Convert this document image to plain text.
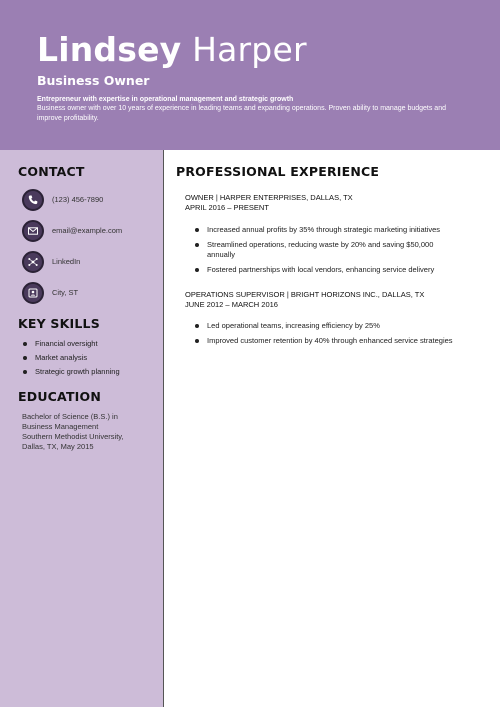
Lindsey Harper
Business Owner
Entrepreneur with expertise in operational management and strategic growth
Business owner with over 10 years of experience in leading teams and expanding operations. Proven ability to manage budgets and improve profitability.
CONTACT
(123) 456-7890
email@example.com
LinkedIn
City, ST
KEY SKILLS
Financial oversight
Market analysis
Strategic growth planning
EDUCATION
Bachelor of Science (B.S.) in
Business Management
Southern Methodist University,
Dallas, TX, May 2015
PROFESSIONAL EXPERIENCE
OWNER | HARPER ENTERPRISES, DALLAS, TX
APRIL 2016 – PRESENT
Increased annual profits by 35% through strategic marketing initiatives
Streamlined operations, reducing waste by 20% and saving $50,000 annually
Fostered partnerships with local vendors, enhancing service delivery
OPERATIONS SUPERVISOR | BRIGHT HORIZONS INC., DALLAS, TX
JUNE 2012 – MARCH 2016
Led operational teams, increasing efficiency by 25%
Improved customer retention by 40% through enhanced service strategies
